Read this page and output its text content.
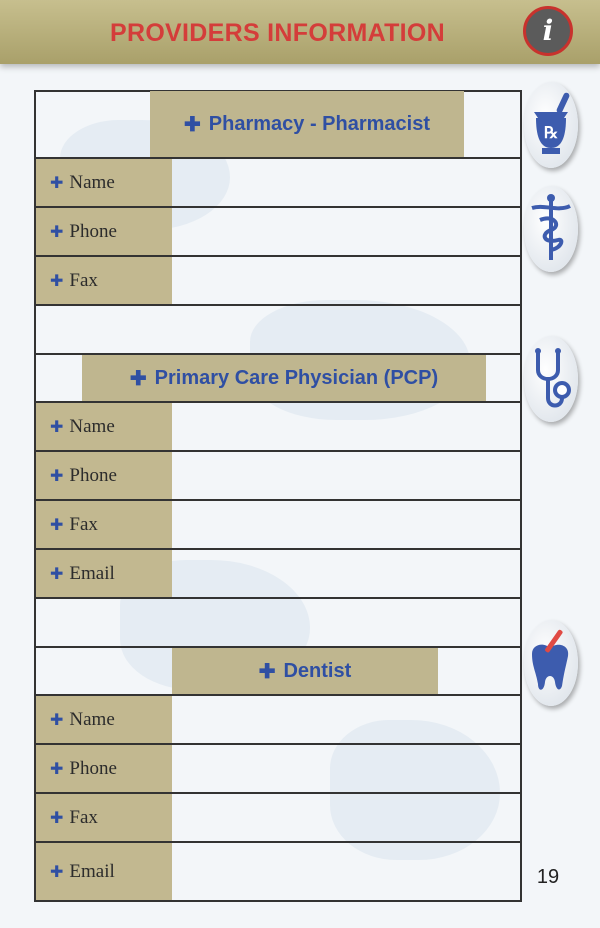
PROVIDERS INFORMATION	i
✚ Pharmacy - Pharmacist
✚ Name
✚ Phone
✚ Fax
✚ Primary Care Physician (PCP)
✚ Name
✚ Phone
✚ Fax
✚ Email
✚ Dentist
✚ Name
✚ Phone
✚ Fax
✚ Email
℞
19
